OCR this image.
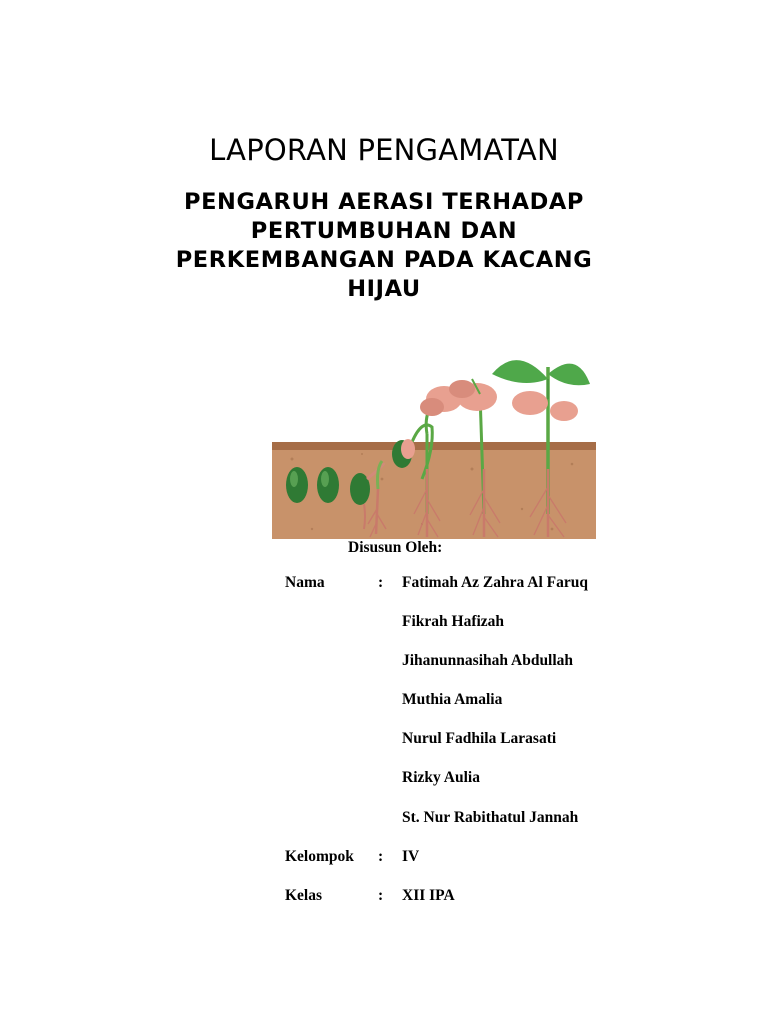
LAPORAN PENGAMATAN
PENGARUH AERASI TERHADAP
PERTUMBUHAN DAN
PERKEMBANGAN PADA KACANG
HIJAU
Disusun Oleh:
Nama	: Fatimah Az Zahra Al Faruq
Fikrah Hafizah
Jihanunnasihah Abdullah
Muthia Amalia
Nurul Fadhila Larasati
Rizky Aulia
St. Nur Rabithatul Jannah
Kelompok : IV
Kelas	: XII IPA
